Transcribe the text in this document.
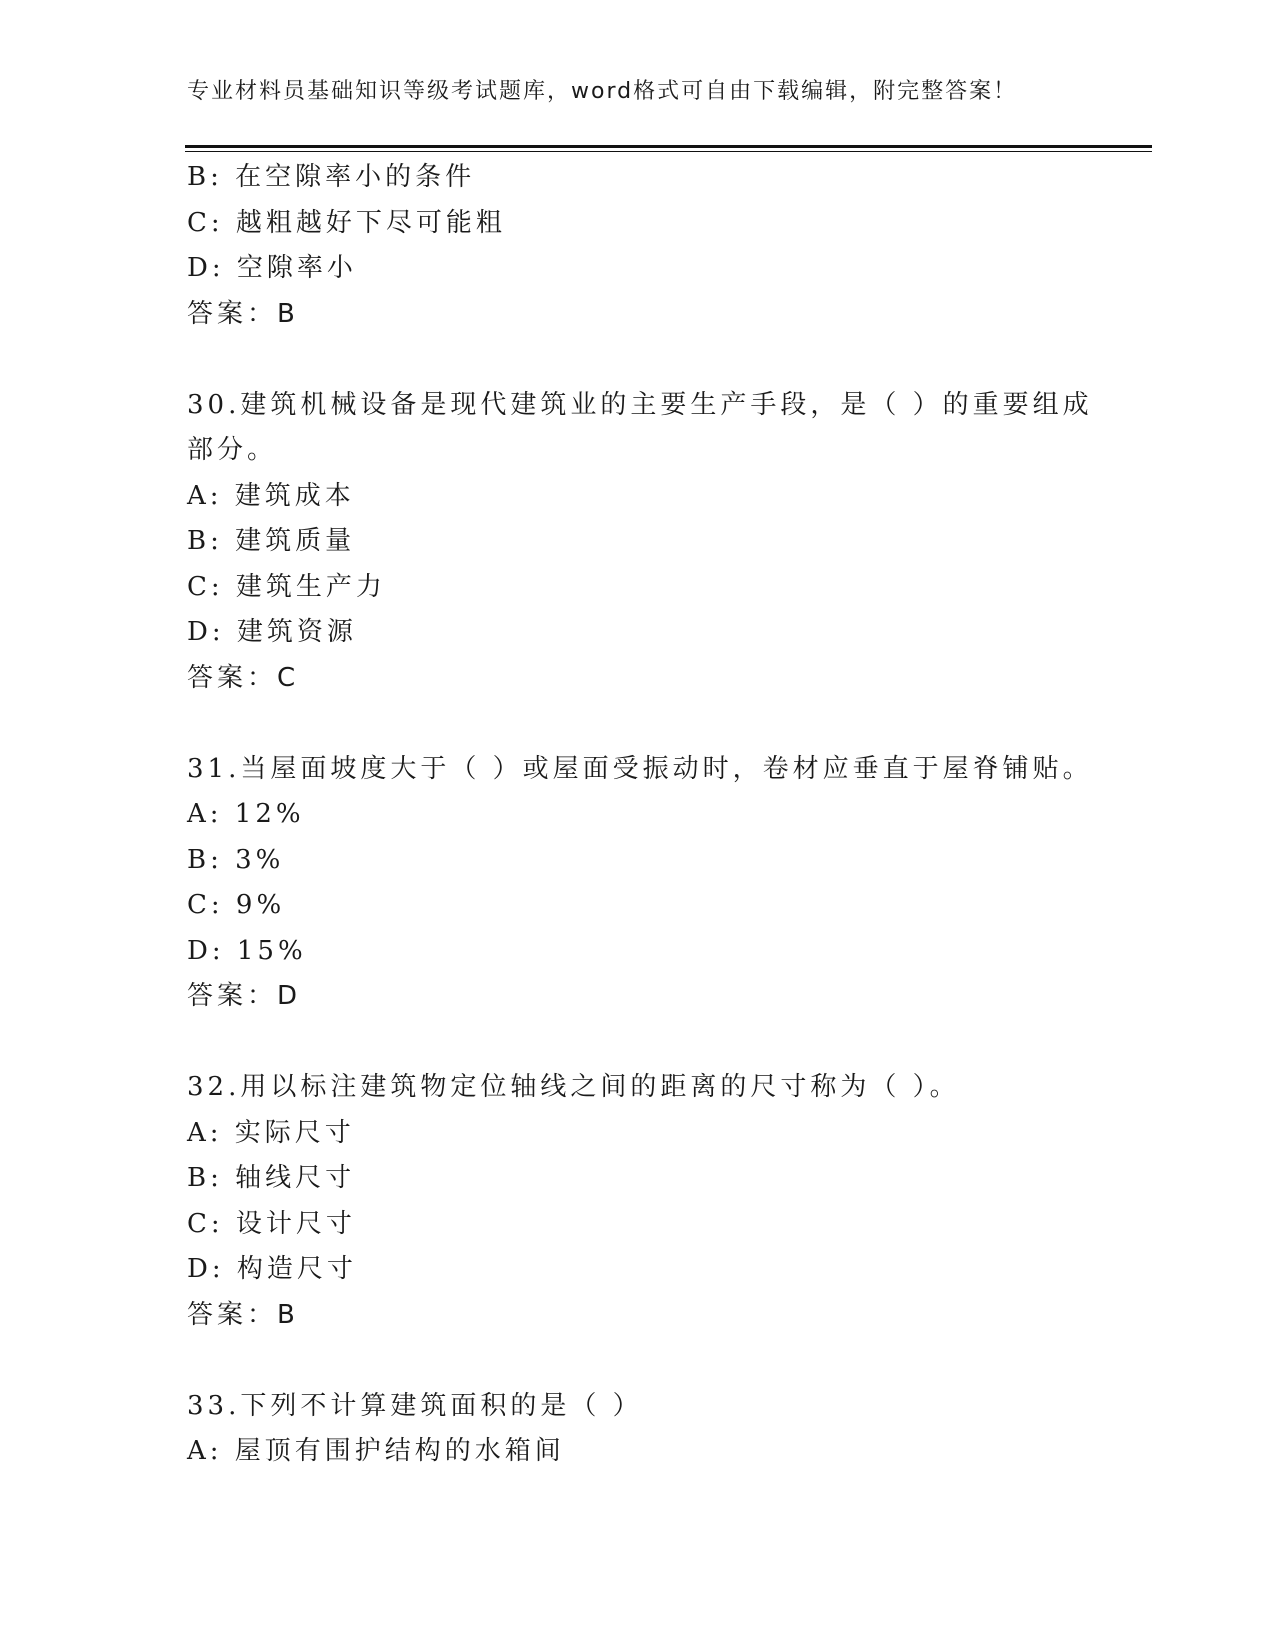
专业材料员基础知识等级考试题库，word格式可自由下载编辑，附完整答案！
B: 在空隙率小的条件
C: 越粗越好下尽可能粗
D: 空隙率小
答案：B
30.建筑机械设备是现代建筑业的主要生产手段，是（ ）的重要组成
部分。
A: 建筑成本
B: 建筑质量
C: 建筑生产力
D: 建筑资源
答案：C
31.当屋面坡度大于（ ）或屋面受振动时，卷材应垂直于屋脊铺贴。
A: 12%
B: 3%
C: 9%
D: 15%
答案：D
32.用以标注建筑物定位轴线之间的距离的尺寸称为（ ）。
A: 实际尺寸
B: 轴线尺寸
C: 设计尺寸
D: 构造尺寸
答案：B
33.下列不计算建筑面积的是（ ）
A: 屋顶有围护结构的水箱间
